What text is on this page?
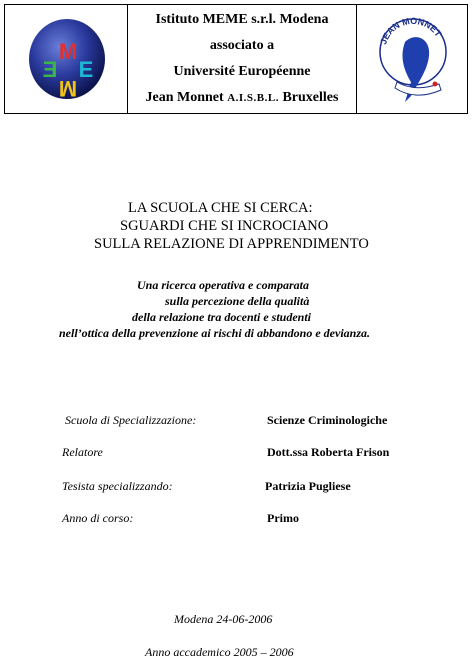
M
E E
M
Istituto MEME s.r.l. Modena
associato a
Université Européenne
Jean Monnet A.I.S.B.L. Bruxelles
JEAN MONNET
LA SCUOLA CHE SI CERCA:
SGUARDI CHE SI INCROCIANO
SULLA RELAZIONE DI APPRENDIMENTO
Una ricerca operativa e comparata
sulla percezione della qualità
della relazione tra docenti e studenti
nell’ottica della prevenzione ai rischi di abbandono e devianza.
Scuola di Specializzazione:	Scienze Criminologiche
Relatore	Dott.ssa Roberta Frison
Tesista specializzando:	Patrizia Pugliese
Anno di corso:	Primo
Modena 24-06-2006
Anno accademico 2005 – 2006
